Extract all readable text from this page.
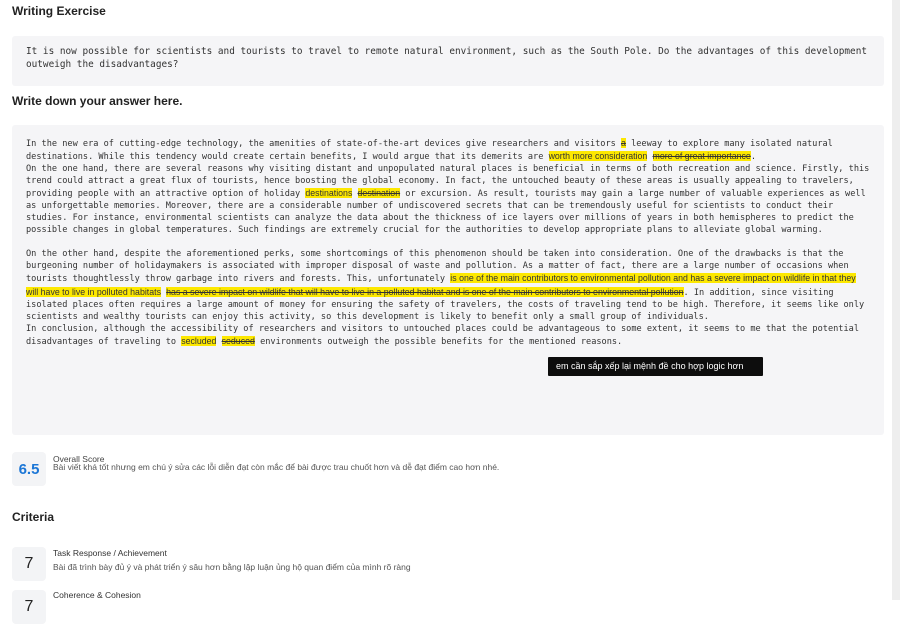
Writing Exercise

It is now possible for scientists and tourists to travel to remote natural environment, such as the South Pole. Do the advantages of this development outweigh the disadvantages?

Write down your answer here.

In the new era of cutting-edge technology, the amenities of state-of-the-art devices give researchers and visitors a leeway to explore many isolated natural destinations. While this tendency would create certain benefits, I would argue that its demerits are worth more consideration more of great importance.

On the one hand, there are several reasons why visiting distant and unpopulated natural places is beneficial in terms of both recreation and science. Firstly, this trend could attract a great flux of tourists, hence boosting the global economy. In fact, the untouched beauty of these areas is usually appealing to travelers, providing people with an attractive option of holiday destinations destination or excursion. As result, tourists may gain a large number of valuable experiences as well as unforgettable memories. Moreover, there are a considerable number of undiscovered secrets that can be tremendously useful for scientists to conduct their studies. For instance, environmental scientists can analyze the data about the thickness of ice layers over millions of years in both hemispheres to predict the possible changes in global temperatures. Such findings are extremely crucial for the authorities to develop appropriate plans to alleviate global warming.

On the other hand, despite the aforementioned perks, some shortcomings of this phenomenon should be taken into consideration. One of the drawbacks is that the burgeoning number of holidaymakers is associated with improper disposal of waste and pollution. As a matter of fact, there are a large number of occasions when tourists thoughtlessly throw garbage into rivers and forests. This, unfortunately is one of the main contributors to environmental pollution and has a severe impact on wildlife in that they will have to live in polluted habitats has a severe impact on wildlife that will have to live in a polluted habitat and is one of the main contributors to environmental pollution. In addition, since visiting isolated places often requires a large amount of money for ensuring the safety of travelers, the costs of traveling tend to be high. Therefore, it seems like only scientists and wealthy tourists can enjoy this activity, so this development is likely to benefit only a small group of individuals.

In conclusion, although the accessibility of researchers and visitors to untouched places could be advantageous to some extent, it seems to me that the potential disadvantages of traveling to secluded seduced environments outweigh the possible benefits for the mentioned reasons.

em cần sắp xếp lại mệnh đề cho hợp logic hơn
6.5
Overall Score
Bài viết khá tốt nhưng em chú ý sửa các lỗi diễn đạt còn mắc để bài được trau chuốt hơn và dễ đạt điểm cao hơn nhé.
Criteria
7
Task Response / Achievement
Bài đã trình bày đủ ý và phát triển ý sâu hơn bằng lập luận ủng hộ quan điểm của mình rõ ràng
7
Coherence & Cohesion
